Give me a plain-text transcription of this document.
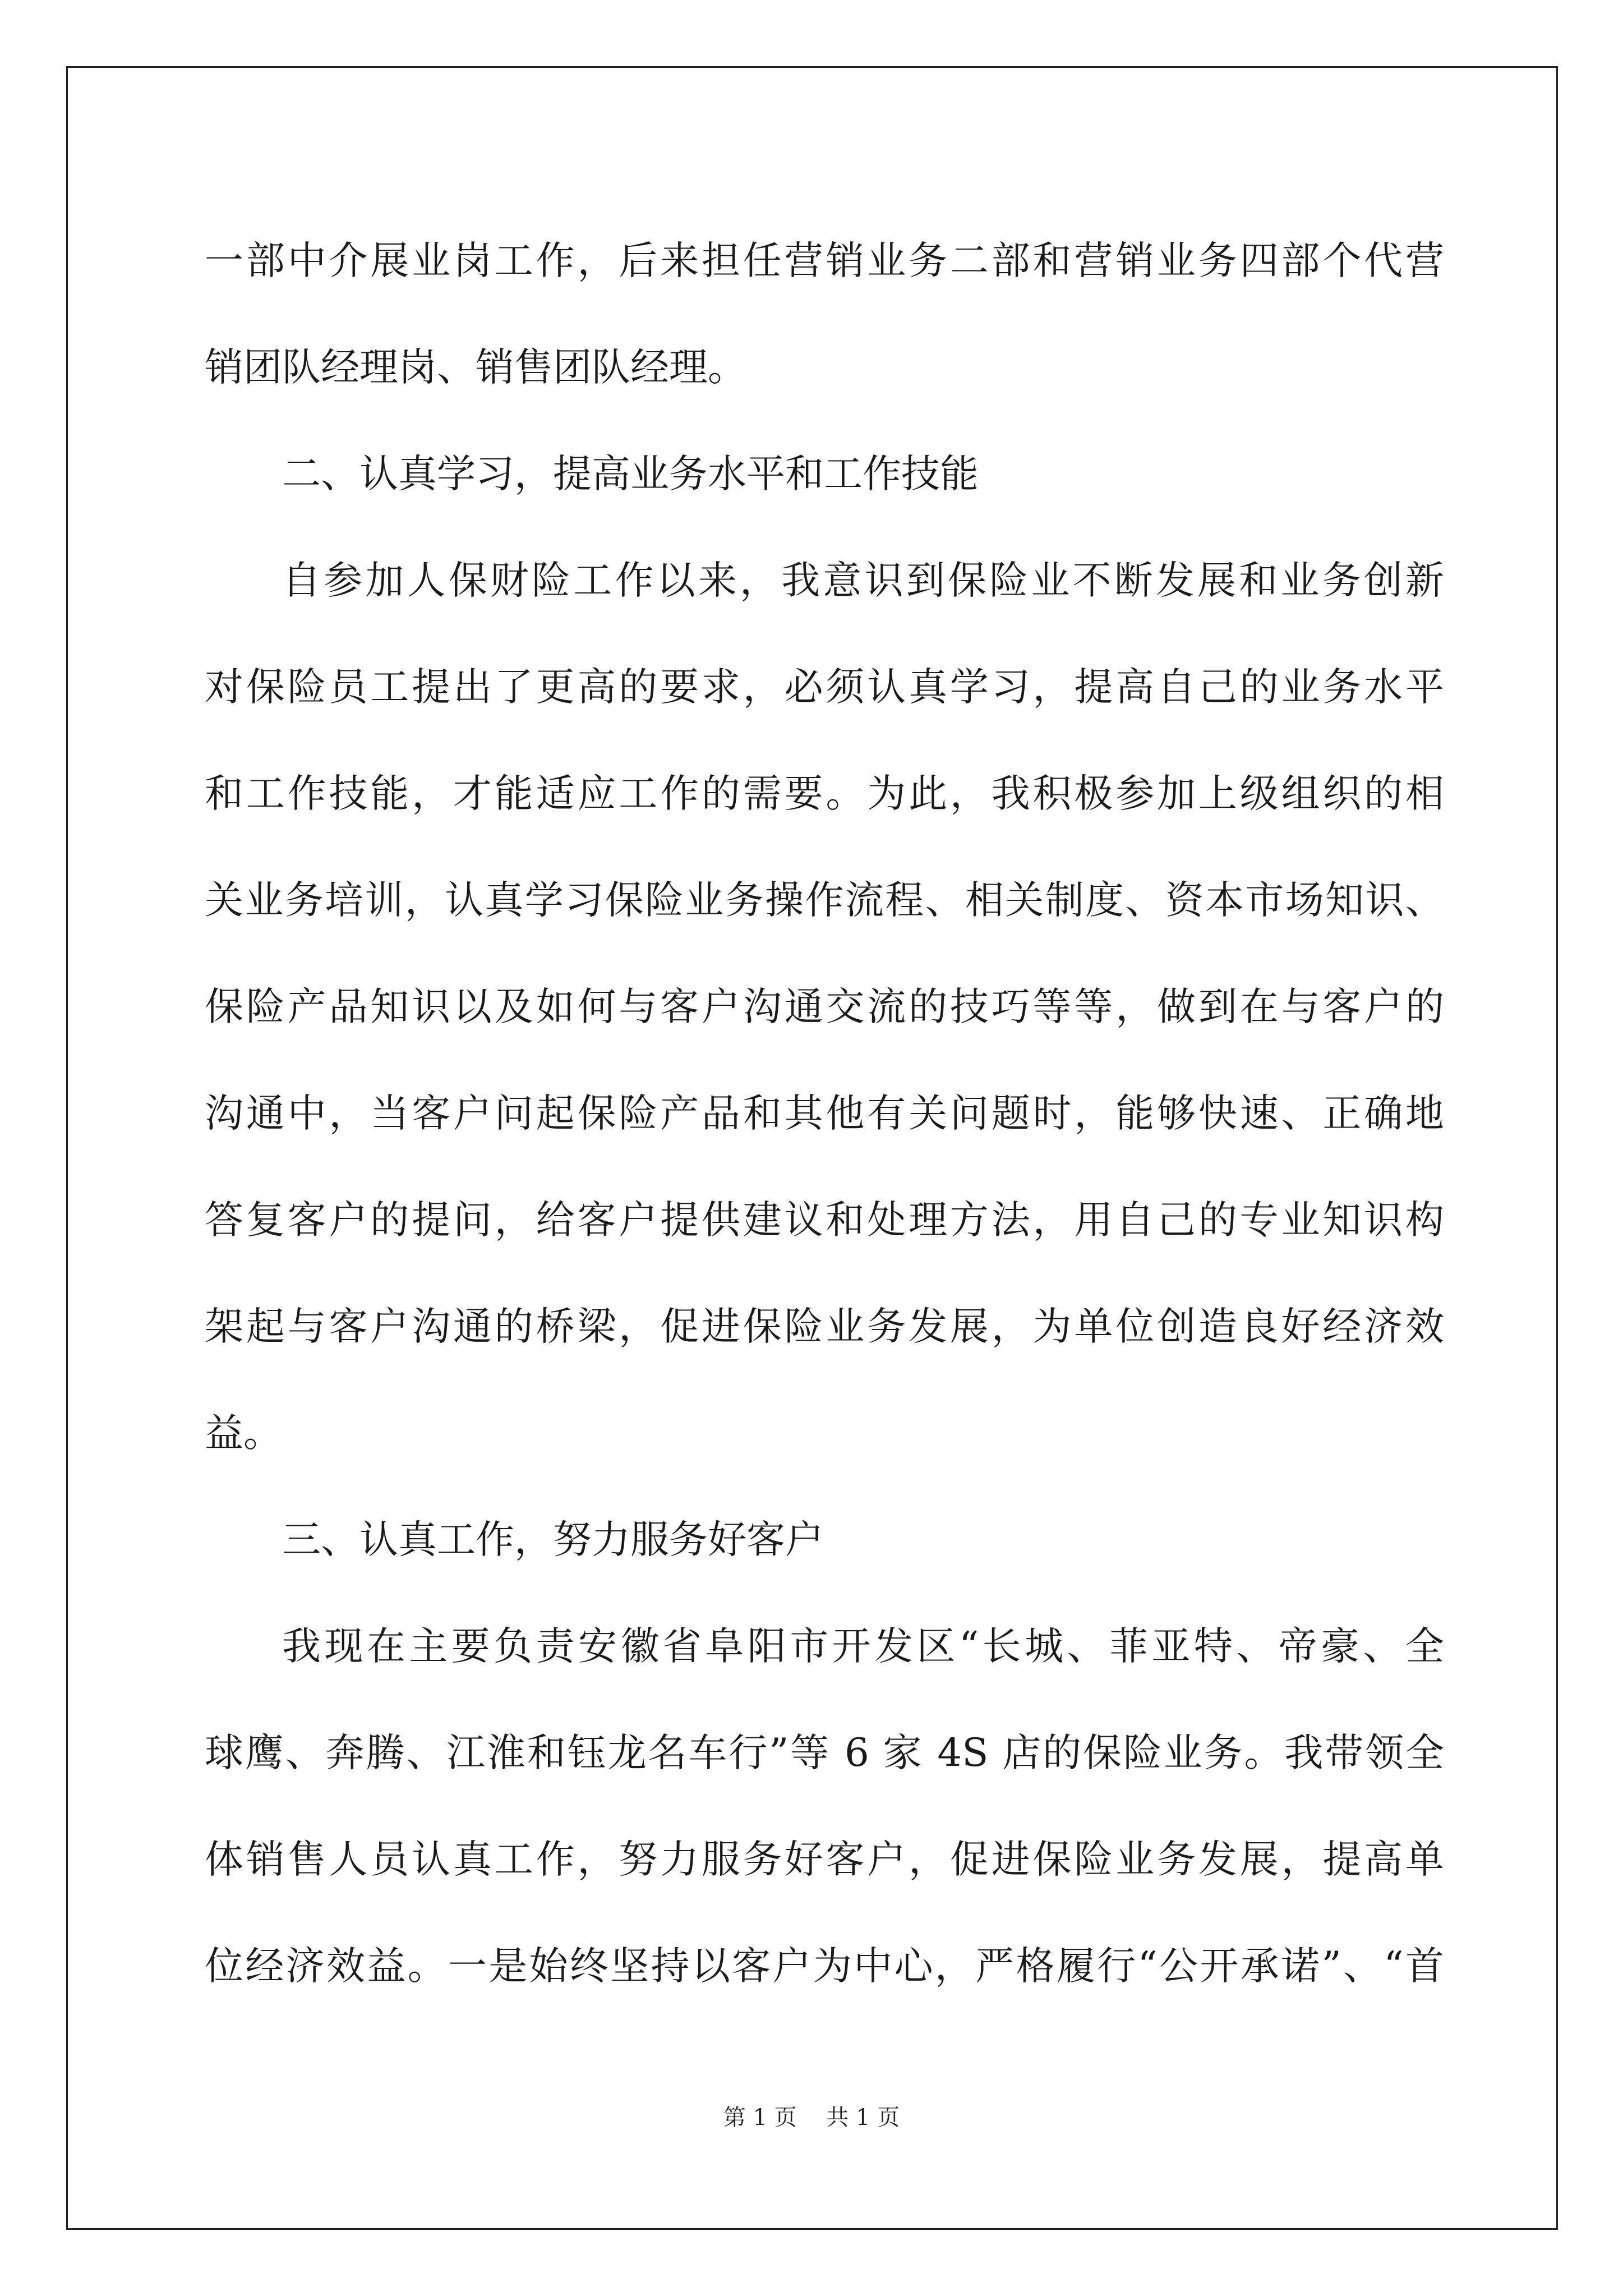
一部中介展业岗工作，后来担任营销业务二部和营销业务四部个代营
销团队经理岗、销售团队经理。
二、认真学习，提高业务水平和工作技能
自参加人保财险工作以来，我意识到保险业不断发展和业务创新
对保险员工提出了更高的要求，必须认真学习，提高自己的业务水平
和工作技能，才能适应工作的需要。为此，我积极参加上级组织的相
关业务培训，认真学习保险业务操作流程、相关制度、资本市场知识、
保险产品知识以及如何与客户沟通交流的技巧等等，做到在与客户的
沟通中，当客户问起保险产品和其他有关问题时，能够快速、正确地
答复客户的提问，给客户提供建议和处理方法，用自己的专业知识构
架起与客户沟通的桥梁，促进保险业务发展，为单位创造良好经济效
益。
三、认真工作，努力服务好客户
我现在主要负责安徽省阜阳市开发区“长城、菲亚特、帝豪、全
球鹰、奔腾、江淮和钰龙名车行”等 6 家 4S 店的保险业务。我带领全
体销售人员认真工作，努力服务好客户，促进保险业务发展，提高单
位经济效益。一是始终坚持以客户为中心，严格履行“公开承诺”、“首
第 1 页 共 1 页
